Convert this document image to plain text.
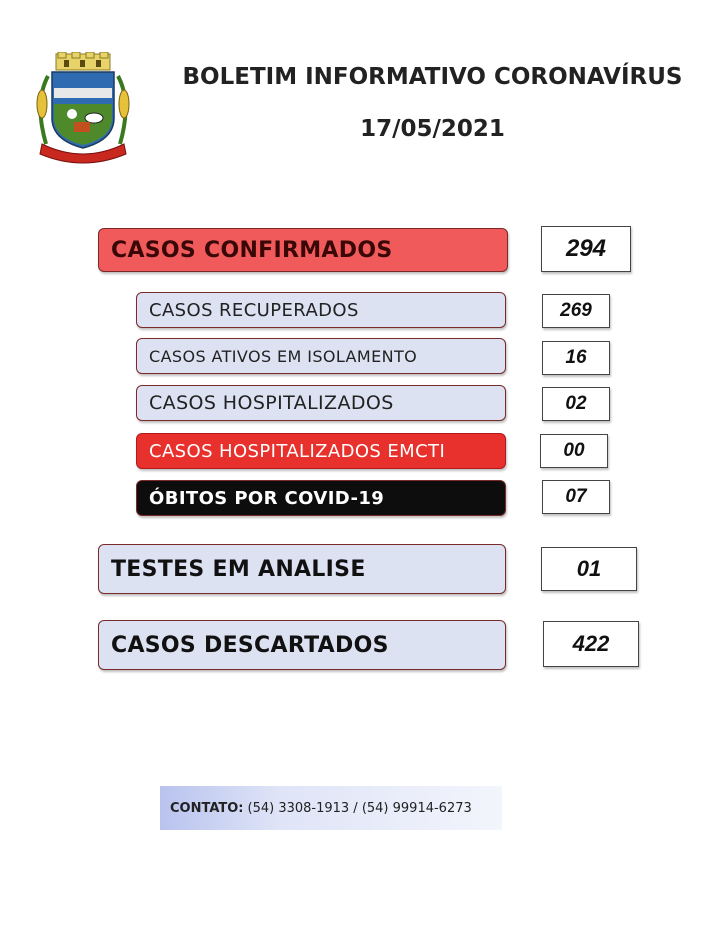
BOLETIM INFORMATIVO CORONAVÍRUS
17/05/2021
CASOS CONFIRMADOS	294
CASOS RECUPERADOS	269
CASOS ATIVOS EM ISOLAMENTO	16
CASOS HOSPITALIZADOS	02
CASOS HOSPITALIZADOS EMCTI	00
ÓBITOS POR COVID-19	07
TESTES EM ANALISE	01
CASOS DESCARTADOS	422
CONTATO: (54) 3308-1913 / (54) 99914-6273
